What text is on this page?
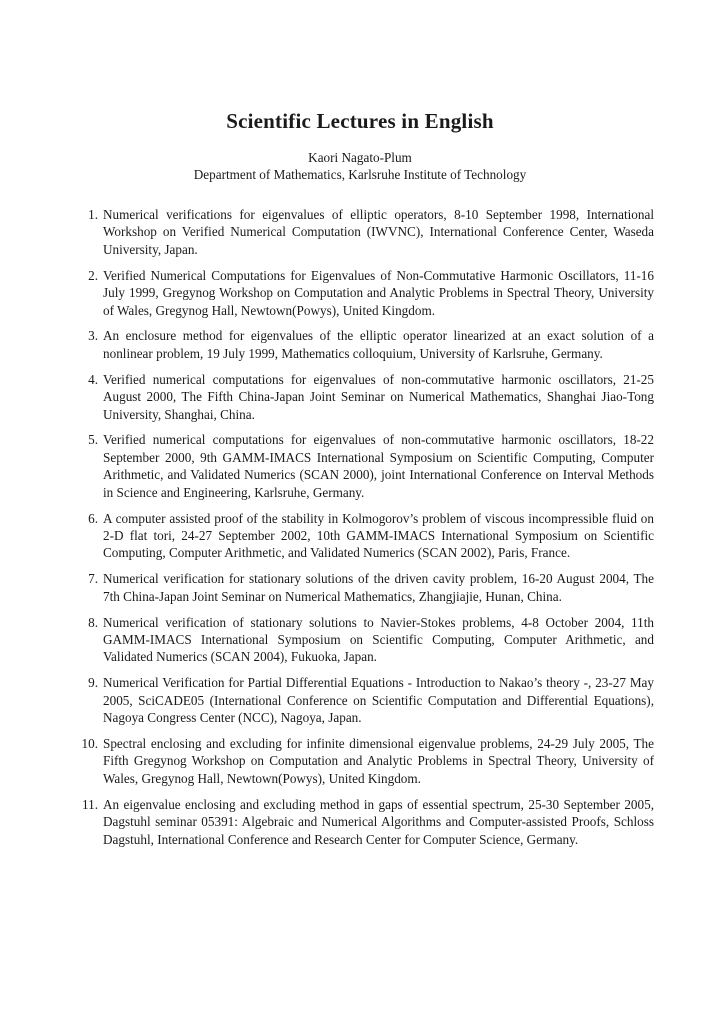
Scientific Lectures in English
Kaori Nagato-Plum
Department of Mathematics, Karlsruhe Institute of Technology
1. Numerical verifications for eigenvalues of elliptic operators, 8-10 September 1998, International Workshop on Verified Numerical Computation (IWVNC), International Conference Center, Waseda University, Japan.
2. Verified Numerical Computations for Eigenvalues of Non-Commutative Harmonic Oscillators, 11-16 July 1999, Gregynog Workshop on Computation and Analytic Problems in Spectral Theory, University of Wales, Gregynog Hall, Newtown(Powys), United Kingdom.
3. An enclosure method for eigenvalues of the elliptic operator linearized at an exact solution of a nonlinear problem, 19 July 1999, Mathematics colloquium, University of Karlsruhe, Germany.
4. Verified numerical computations for eigenvalues of non-commutative harmonic oscillators, 21-25 August 2000, The Fifth China-Japan Joint Seminar on Numerical Mathematics, Shanghai Jiao-Tong University, Shanghai, China.
5. Verified numerical computations for eigenvalues of non-commutative harmonic oscillators, 18-22 September 2000, 9th GAMM-IMACS International Symposium on Scientific Computing, Computer Arithmetic, and Validated Numerics (SCAN 2000), joint International Conference on Interval Methods in Science and Engineering, Karlsruhe, Germany.
6. A computer assisted proof of the stability in Kolmogorov’s problem of viscous incompressible fluid on 2-D flat tori, 24-27 September 2002, 10th GAMM-IMACS International Symposium on Scientific Computing, Computer Arithmetic, and Validated Numerics (SCAN 2002), Paris, France.
7. Numerical verification for stationary solutions of the driven cavity problem, 16-20 August 2004, The 7th China-Japan Joint Seminar on Numerical Mathematics, Zhangjiajie, Hunan, China.
8. Numerical verification of stationary solutions to Navier-Stokes problems, 4-8 October 2004, 11th GAMM-IMACS International Symposium on Scientific Computing, Computer Arithmetic, and Validated Numerics (SCAN 2004), Fukuoka, Japan.
9. Numerical Verification for Partial Differential Equations - Introduction to Nakao’s theory -, 23-27 May 2005, SciCADE05 (International Conference on Scientific Computation and Differential Equations), Nagoya Congress Center (NCC), Nagoya, Japan.
10. Spectral enclosing and excluding for infinite dimensional eigenvalue problems, 24-29 July 2005, The Fifth Gregynog Workshop on Computation and Analytic Problems in Spectral Theory, University of Wales, Gregynog Hall, Newtown(Powys), United Kingdom.
11. An eigenvalue enclosing and excluding method in gaps of essential spectrum, 25-30 September 2005, Dagstuhl seminar 05391: Algebraic and Numerical Algorithms and Computer-assisted Proofs, Schloss Dagstuhl, International Conference and Research Center for Computer Science, Germany.
